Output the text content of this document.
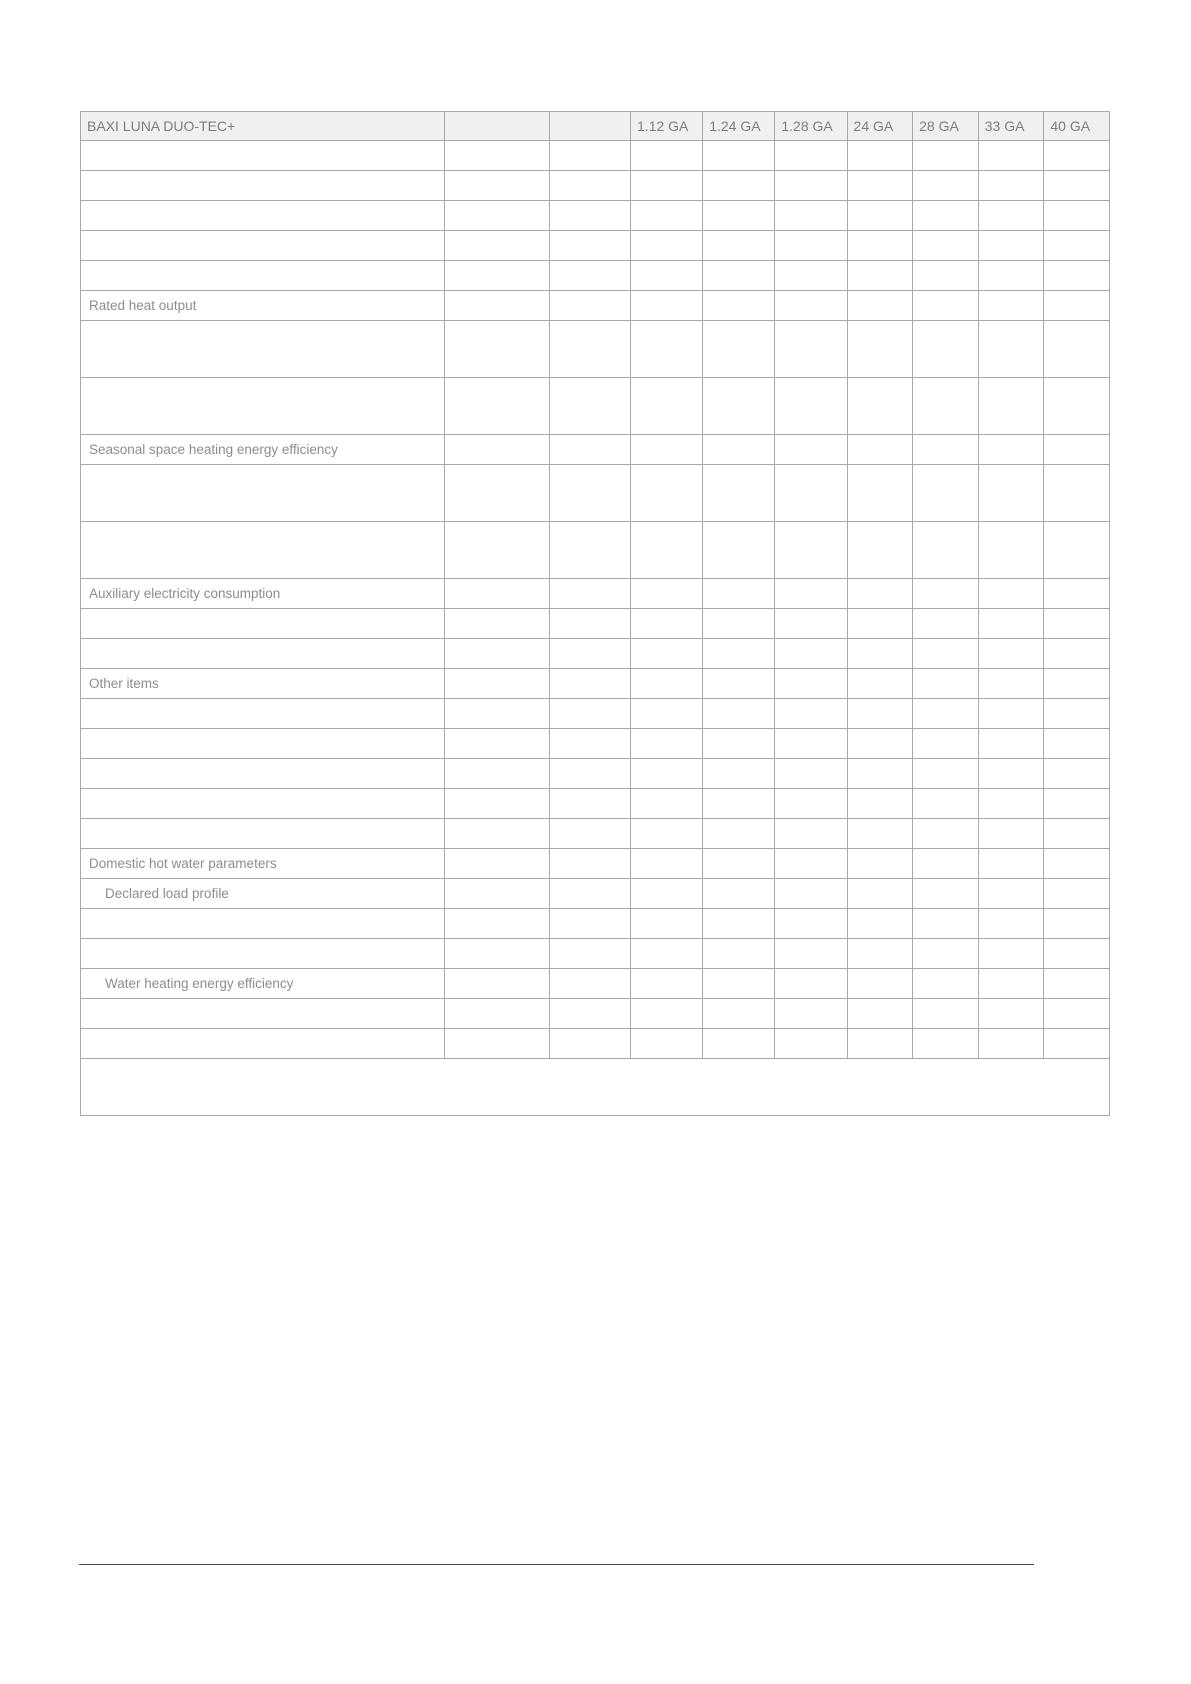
BAXI LUNA DUO-TEC+			1.12 GA	1.24 GA	1.28 GA	24 GA	28 GA	33 GA	40 GA

Rated heat output									

Seasonal space heating energy efficiency									

Auxiliary electricity consumption									

Other items									

Domestic hot water parameters									
Declared load profile									

Water heating energy efficiency									
